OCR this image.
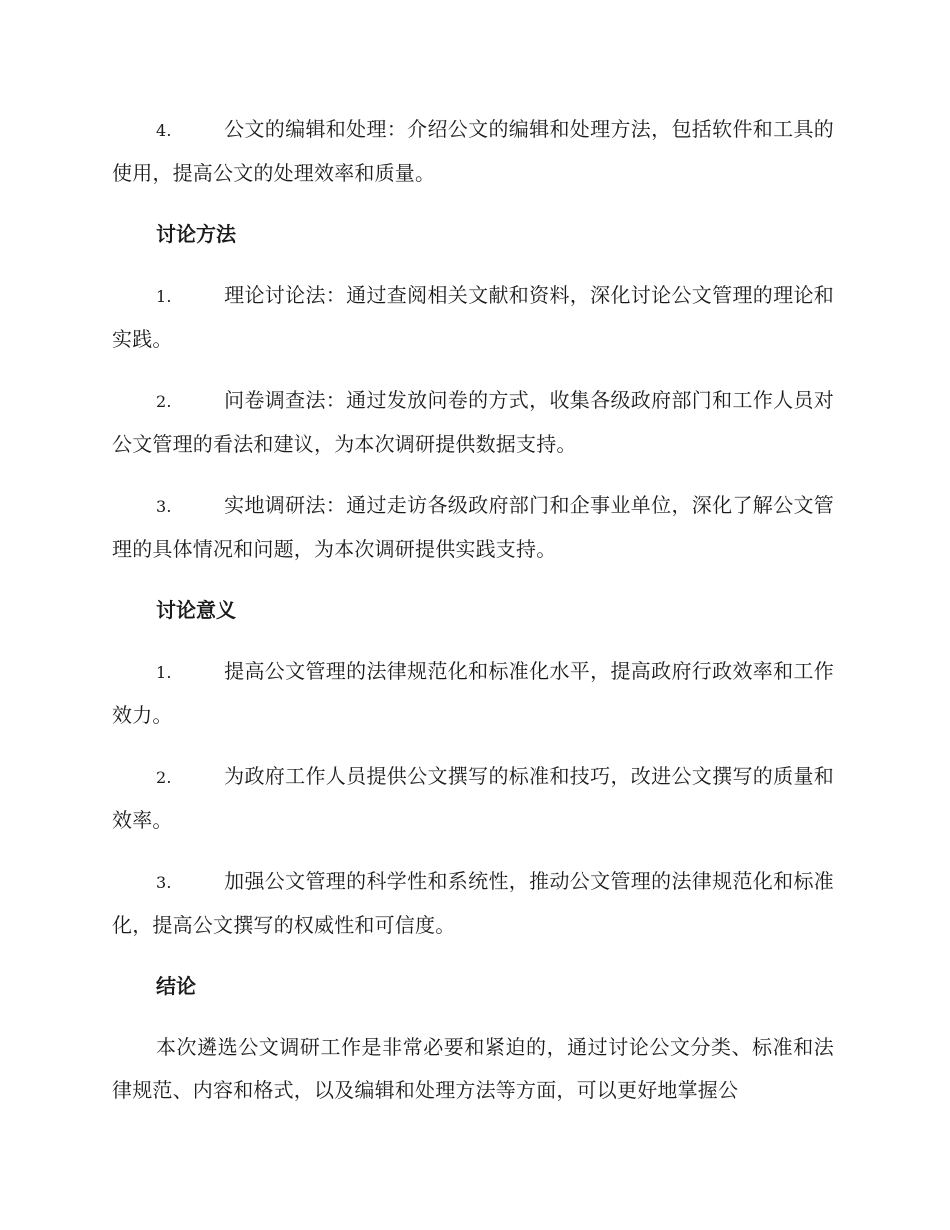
4.	公文的编辑和处理：介绍公文的编辑和处理方法，包括软件和工具的使用，提高公文的处理效率和质量。

讨论方法

1.	理论讨论法：通过查阅相关文献和资料，深化讨论公文管理的理论和实践。

2.	问卷调查法：通过发放问卷的方式，收集各级政府部门和工作人员对公文管理的看法和建议，为本次调研提供数据支持。

3.	实地调研法：通过走访各级政府部门和企事业单位，深化了解公文管理的具体情况和问题，为本次调研提供实践支持。

讨论意义

1.	提高公文管理的法律规范化和标准化水平，提高政府行政效率和工作效力。

2.	为政府工作人员提供公文撰写的标准和技巧，改进公文撰写的质量和效率。

3.	加强公文管理的科学性和系统性，推动公文管理的法律规范化和标准化，提高公文撰写的权威性和可信度。

结论

本次遴选公文调研工作是非常必要和紧迫的，通过讨论公文分类、标准和法律规范、内容和格式，以及编辑和处理方法等方面，可以更好地掌握公
